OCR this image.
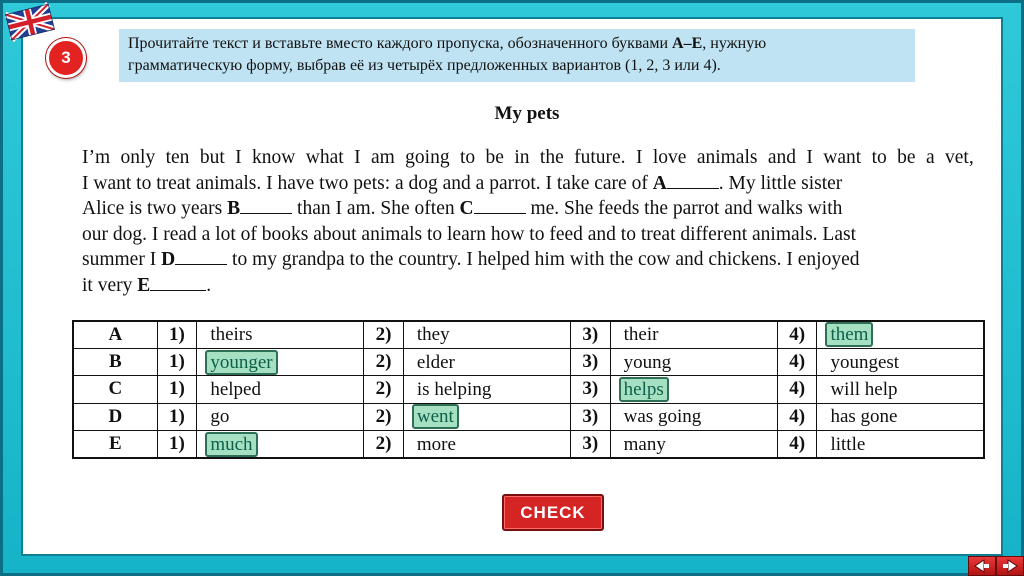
3
Прочитайте текст и вставьте вместо каждого пропуска, обозначенного буквами A–E, нужную
грамматическую форму, выбрав её из четырёх предложенных вариантов (1, 2, 3 или 4).
My pets
I’m only ten but I know what I am going to be in the future. I love animals and I want to be a vet,
I want to treat animals. I have two pets: a dog and a parrot. I take care of A	. My little sister
Alice is two years B	than I am. She often C	me. She feeds the parrot and walks with
our dog. I read a lot of books about animals to learn how to feed and to treat different animals. Last
summer I D	to my grandpa to the country. I helped him with the cow and chickens. I enjoyed
it very E	.
A	1)	theirs	2)	they	3)	their	4)	them
B	1)	younger	2)	elder	3)	young	4)	youngest
C	1)	helped	2)	is helping	3)	helps	4)	will help
D	1)	go	2)	went	3)	was going	4)	has gone
E	1)	much	2)	more	3)	many	4)	little
CHECK
